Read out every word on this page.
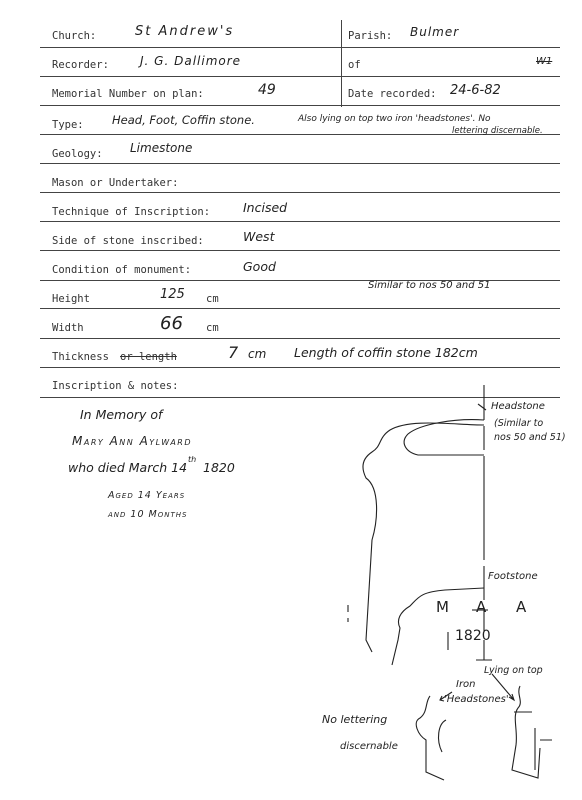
Church:	St Andrew's	Parish: Bulmer
Recorder:	J. G. Dallimore	of	W1
Memorial Number on plan:	49	Date recorded: 24-6-82
Type: Head, Foot, Coffin stone.	Also lying on top two iron 'headstones'. No
lettering discernable.
Geology: Limestone
Mason or Undertaker:
Technique of Inscription:	Incised
Side of stone inscribed:	West
Condition of monument:	Good
Height	125 cm
Similar to nos 50 and 51
Width	66 cm
Thickness or length	7 cm Length of coffin stone 182cm
Inscription & notes:
In Memory of
Mary Ann Aylward
who died March 14
th
1820
Aged 14 Years
and 10 Months
Headstone
(Similar to
nos 50 and 51)
Footstone
M A A
1820
Lying on top
Iron
'Headstones'
No lettering
discernable
